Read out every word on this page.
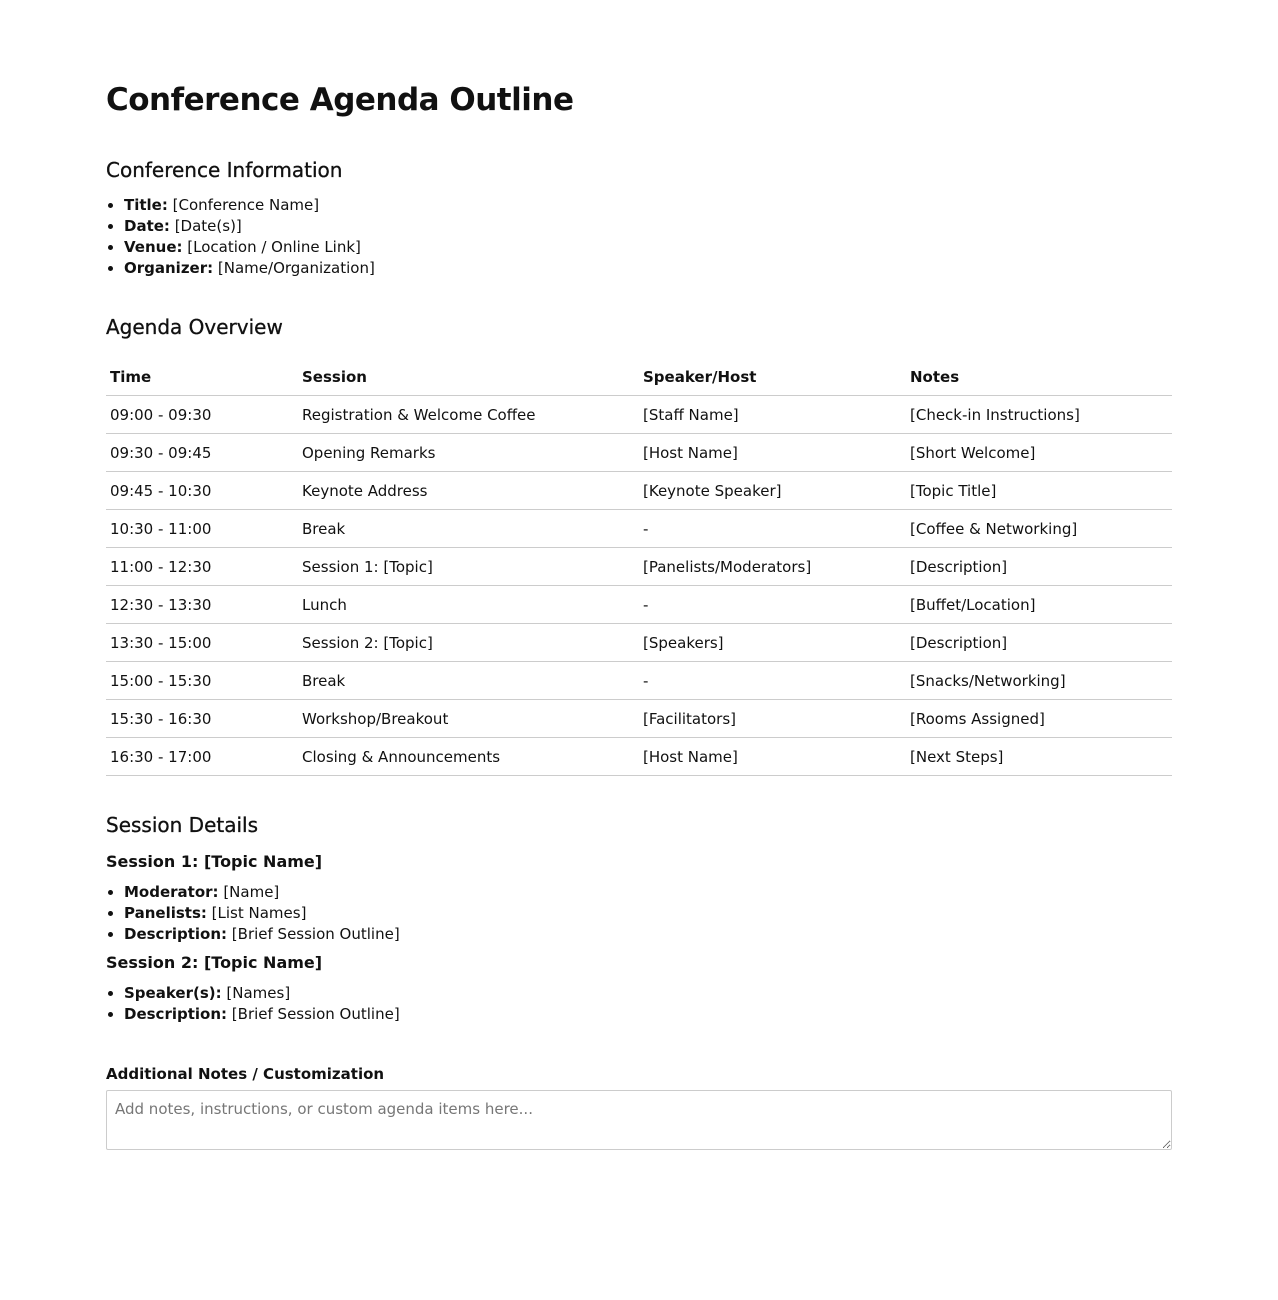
Conference Agenda Outline
Conference Information
• Title: [Conference Name]
• Date: [Date(s)]
• Venue: [Location / Online Link]
• Organizer: [Name/Organization]
Agenda Overview
Time	Session	Speaker/Host	Notes
09:00 - 09:30	Registration & Welcome Coffee	[Staff Name]	[Check-in Instructions]
09:30 - 09:45	Opening Remarks	[Host Name]	[Short Welcome]
09:45 - 10:30	Keynote Address	[Keynote Speaker]	[Topic Title]
10:30 - 11:00	Break	-	[Coffee & Networking]
11:00 - 12:30	Session 1: [Topic]	[Panelists/Moderators]	[Description]
12:30 - 13:30	Lunch	-	[Buffet/Location]
13:30 - 15:00	Session 2: [Topic]	[Speakers]	[Description]
15:00 - 15:30	Break	-	[Snacks/Networking]
15:30 - 16:30	Workshop/Breakout	[Facilitators]	[Rooms Assigned]
16:30 - 17:00	Closing & Announcements	[Host Name]	[Next Steps]
Session Details
Session 1: [Topic Name]
• Moderator: [Name]
• Panelists: [List Names]
• Description: [Brief Session Outline]
Session 2: [Topic Name]
• Speaker(s): [Names]
• Description: [Brief Session Outline]
Additional Notes / Customization
Add notes, instructions, or custom agenda items here...
